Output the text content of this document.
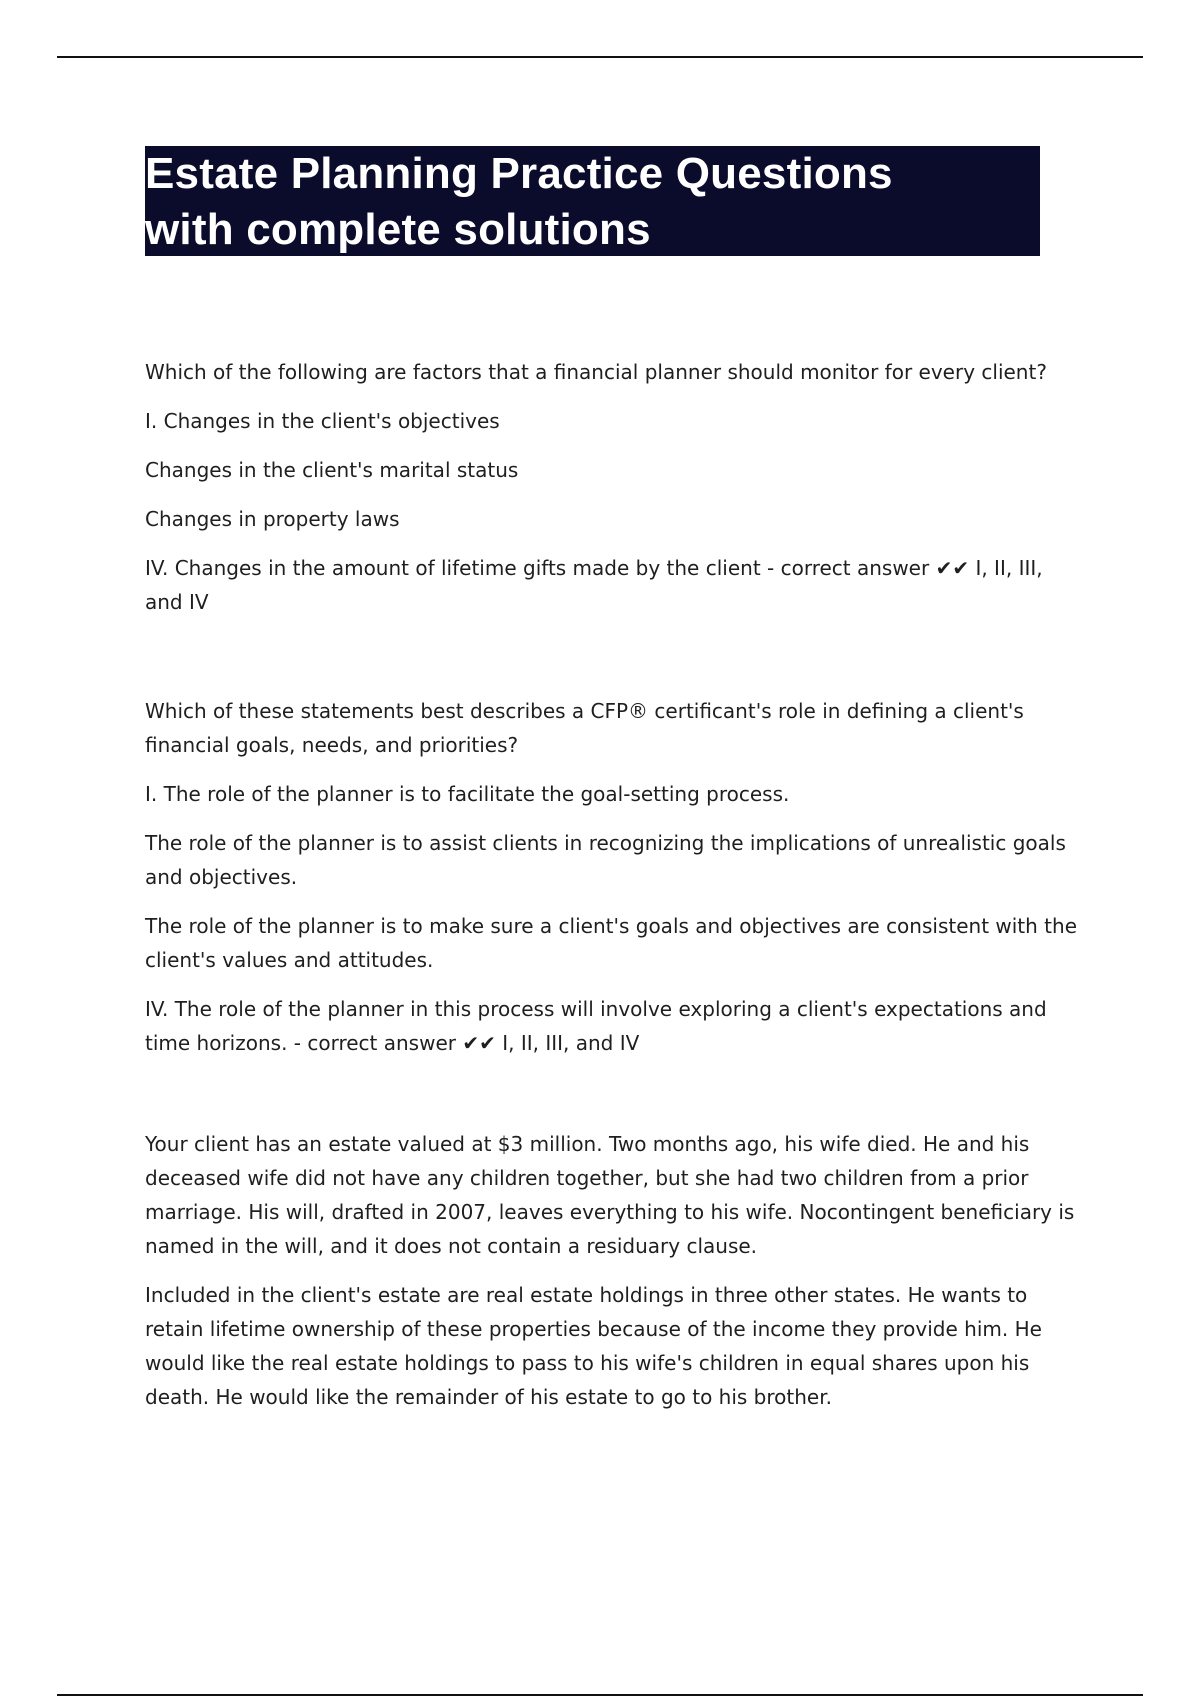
Estate Planning Practice Questions
with complete solutions

Which of the following are factors that a financial planner should monitor for every client?

I. Changes in the client's objectives

Changes in the client's marital status

Changes in property laws

IV. Changes in the amount of lifetime gifts made by the client - correct answer ✔✔ I, II, III, and IV

Which of these statements best describes a CFP® certificant's role in defining a client's financial goals, needs, and priorities?

I. The role of the planner is to facilitate the goal-setting process.

The role of the planner is to assist clients in recognizing the implications of unrealistic goals and objectives.

The role of the planner is to make sure a client's goals and objectives are consistent with the client's values and attitudes.

IV. The role of the planner in this process will involve exploring a client's expectations and time horizons. - correct answer ✔✔ I, II, III, and IV

Your client has an estate valued at $3 million. Two months ago, his wife died. He and his deceased wife did not have any children together, but she had two children from a prior marriage. His will, drafted in 2007, leaves everything to his wife. Nocontingent beneficiary is named in the will, and it does not contain a residuary clause.

Included in the client's estate are real estate holdings in three other states. He wants to retain lifetime ownership of these properties because of the income they provide him. He would like the real estate holdings to pass to his wife's children in equal shares upon his death. He would like the remainder of his estate to go to his brother.
